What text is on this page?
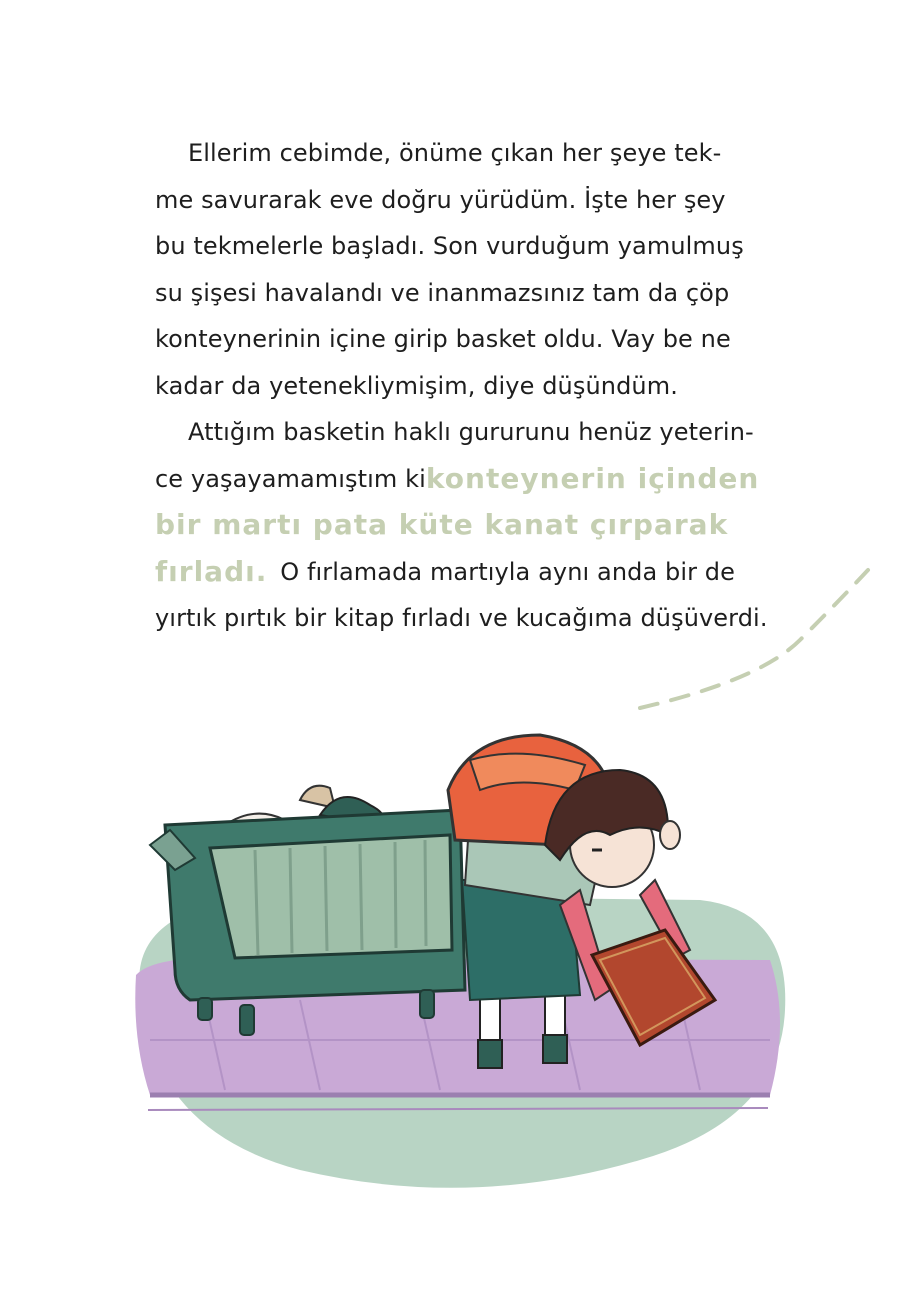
Ellerim cebimde, önüme çıkan her şeye tek-
me savurarak eve doğru yürüdüm. İşte her şey
bu tekmelerle başladı. Son vurduğum yamulmuş
su şişesi havalandı ve inanmazsınız tam da çöp
konteynerinin içine girip basket oldu. Vay be ne
kadar da yetenekliymişim, diye düşündüm.
Attığım basketin haklı gururunu henüz yeterin-
ce yaşayamamıştım ki konteynerin içinden
bir martı pata küte kanat çırparak
fırladı. O fırlamada martıyla aynı anda bir de
yırtık pırtık bir kitap fırladı ve kucağıma düşüverdi.
